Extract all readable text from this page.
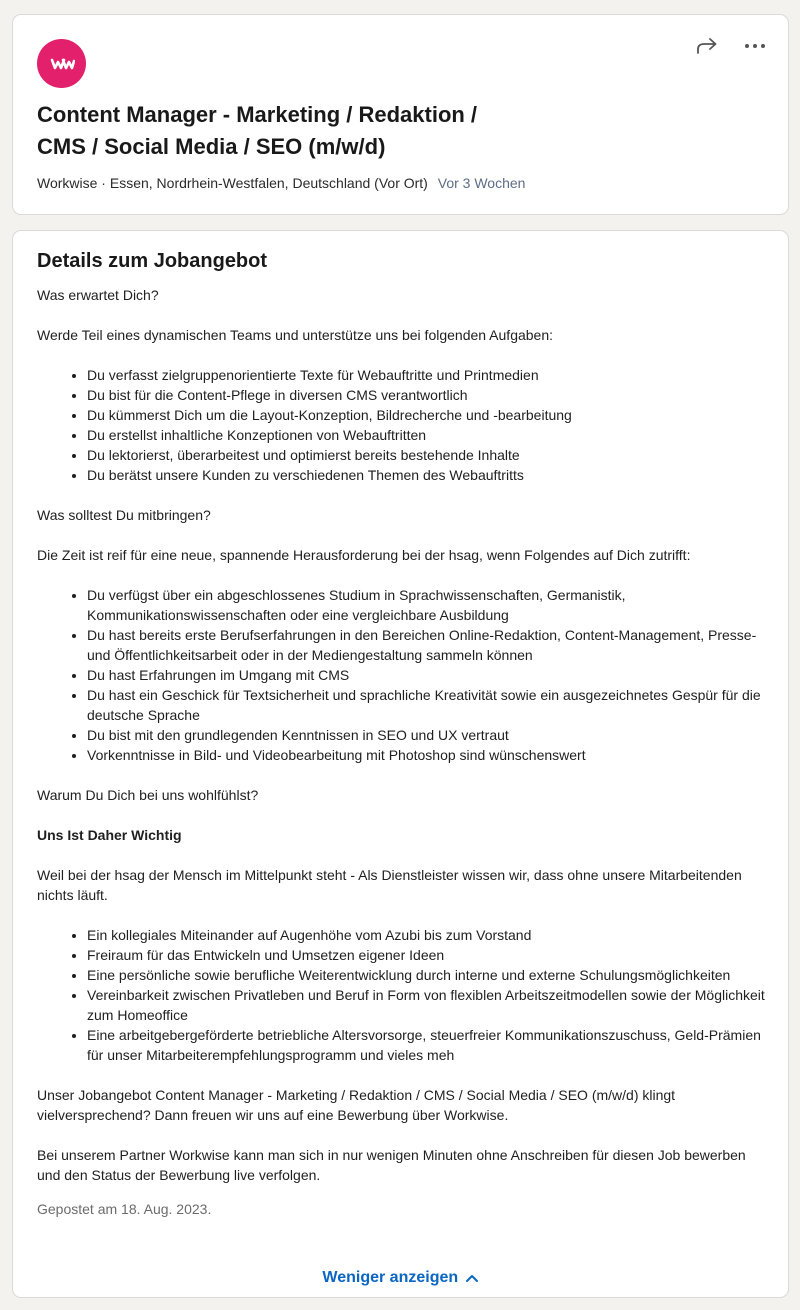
Content Manager - Marketing / Redaktion /
CMS / Social Media / SEO (m/w/d)
Workwise · Essen, Nordrhein-Westfalen, Deutschland (Vor Ort) Vor 3 Wochen
Details zum Jobangebot

Was erwartet Dich?

Werde Teil eines dynamischen Teams und unterstütze uns bei folgenden Aufgaben:

• Du verfasst zielgruppenorientierte Texte für Webauftritte und Printmedien
• Du bist für die Content-Pflege in diversen CMS verantwortlich
• Du kümmerst Dich um die Layout-Konzeption, Bildrecherche und -bearbeitung
• Du erstellst inhaltliche Konzeptionen von Webauftritten
• Du lektorierst, überarbeitest und optimierst bereits bestehende Inhalte
• Du berätst unsere Kunden zu verschiedenen Themen des Webauftritts

Was solltest Du mitbringen?

Die Zeit ist reif für eine neue, spannende Herausforderung bei der hsag, wenn Folgendes auf Dich zutrifft:

• Du verfügst über ein abgeschlossenes Studium in Sprachwissenschaften, Germanistik, Kommunikationswissenschaften oder eine vergleichbare Ausbildung
• Du hast bereits erste Berufserfahrungen in den Bereichen Online-Redaktion, Content-Management, Presse- und Öffentlichkeitsarbeit oder in der Mediengestaltung sammeln können
• Du hast Erfahrungen im Umgang mit CMS
• Du hast ein Geschick für Textsicherheit und sprachliche Kreativität sowie ein ausgezeichnetes Gespür für die deutsche Sprache
• Du bist mit den grundlegenden Kenntnissen in SEO und UX vertraut
• Vorkenntnisse in Bild- und Videobearbeitung mit Photoshop sind wünschenswert

Warum Du Dich bei uns wohlfühlst?

Uns Ist Daher Wichtig

Weil bei der hsag der Mensch im Mittelpunkt steht - Als Dienstleister wissen wir, dass ohne unsere Mitarbeitenden nichts läuft.

• Ein kollegiales Miteinander auf Augenhöhe vom Azubi bis zum Vorstand
• Freiraum für das Entwickeln und Umsetzen eigener Ideen
• Eine persönliche sowie berufliche Weiterentwicklung durch interne und externe Schulungsmöglichkeiten
• Vereinbarkeit zwischen Privatleben und Beruf in Form von flexiblen Arbeitszeitmodellen sowie der Möglichkeit zum Homeoffice
• Eine arbeitgebergeförderte betriebliche Altersvorsorge, steuerfreier Kommunikationszuschuss, Geld-Prämien für unser Mitarbeiterempfehlungsprogramm und vieles meh

Unser Jobangebot Content Manager - Marketing / Redaktion / CMS / Social Media / SEO (m/w/d) klingt vielversprechend? Dann freuen wir uns auf eine Bewerbung über Workwise.

Bei unserem Partner Workwise kann man sich in nur wenigen Minuten ohne Anschreiben für diesen Job bewerben und den Status der Bewerbung live verfolgen.

Gepostet am 18. Aug. 2023.

Weniger anzeigen
